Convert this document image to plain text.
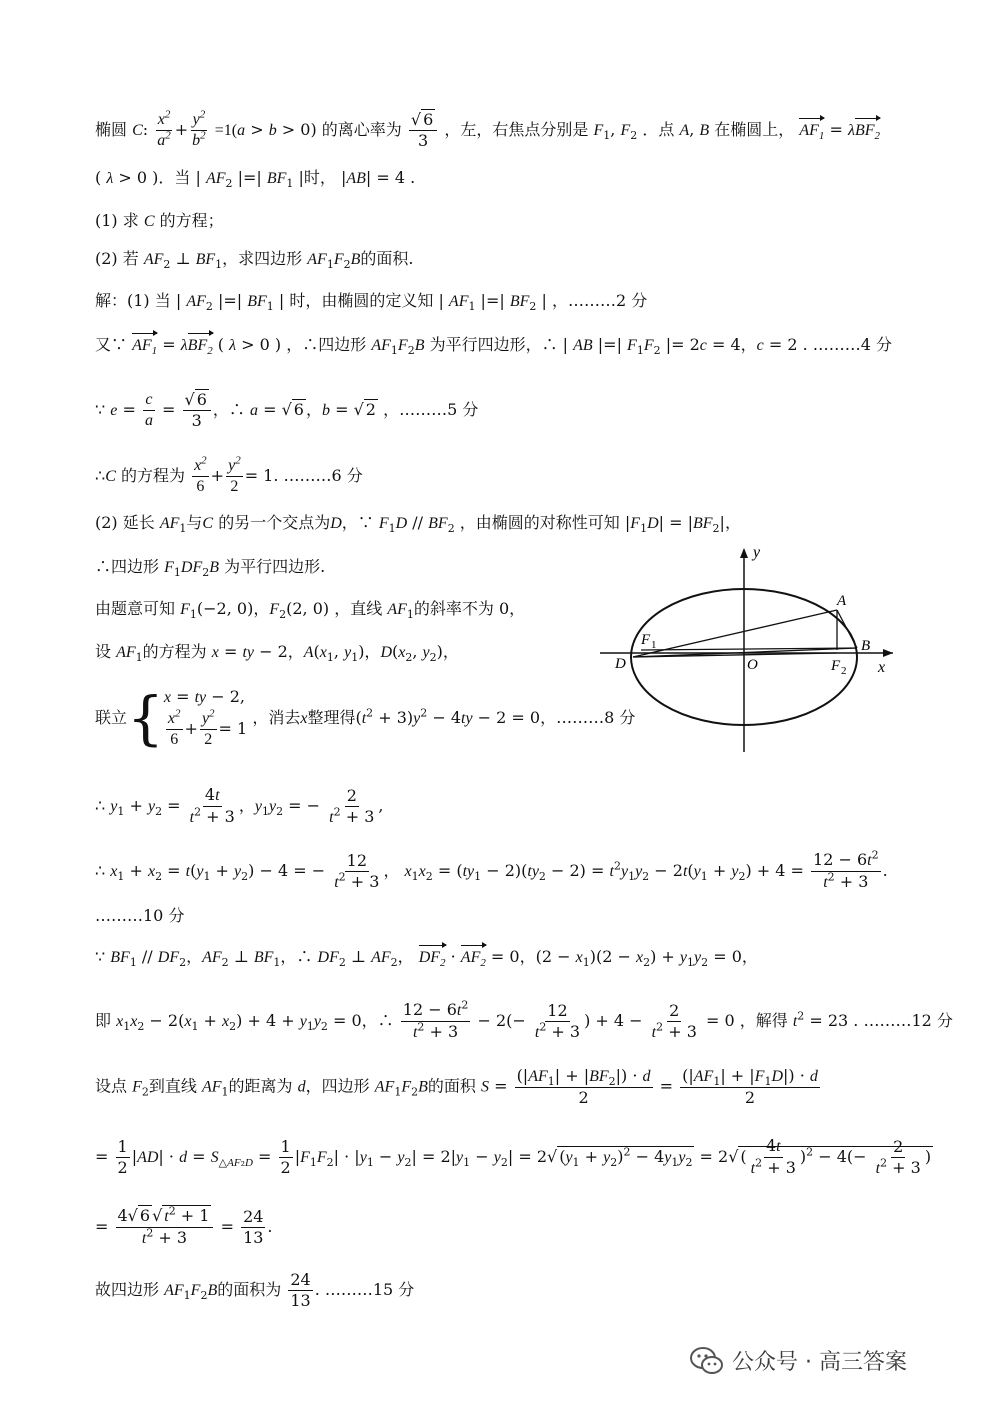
椭圆 C: $\frac{x^2}{a^2} + \frac{y^2}{b^2} =1(a > b > 0)$ 的离心率为 $\frac{√ 6}{3}$ ，左，右焦点分别是 $F_1$, $F_2$ ．点 A, B 在椭圆上， $AF_1 = \lambda BF_2$
( λ > 0 )．当 | $AF_2$ |=| $BF_1$ |时， |AB| = 4 .
(1) 求 C 的方程；
(2) 若 $AF_2$ ⊥ $BF_1$，求四边形 $AF_1F_2B$的面积.
解：(1) 当 | $AF_2$ |=| $BF_1$ | 时，由椭圆的定义知 | $AF_1$ |=| $BF_2$ | ，………2 分
又∵ $AF_1 = \lambda BF_2$ ( λ > 0 ) ，∴四边形 $AF_1F_2B$ 为平行四边形，∴ | AB |=| $F_1F_2$ |= 2c = 4，c = 2 . ………4 分
∵ $e = \frac{c}{a} = \frac{√ 6}{3}$ ，∴ a = √ 6 ，b = √ 2 ，………5 分
∴C 的方程为 $\frac{x^2}{6} + \frac{y^2}{2} = 1$. ………6 分
(2) 延长 $AF_1$与C 的另一个交点为D，∵ $F_1D // BF_2$ ，由椭圆的对称性可知 $|F_1D| = |BF_2|$，
∴四边形 $F_1DF_2B$ 为平行四边形.
由题意可知 $F_1(-2$, 0)，$F_2(2$, 0) ，直线 $AF_1$的斜率不为 0，
设 $AF_1$的方程为 x = ty − 2，$A(x_1$, $y_1$)，$D(x_2$, $y_2$)，
联立{ x = ty − 2,
$\frac{x^2}{6} + \frac{y^2}{2} = 1$
，消去x整理得$(t^2 + 3)y^2 - 4ty - 2 = 0$，………8 分
∴ $y_1 + y_2 = \frac{4t}{t^2 + 3}$ ，$y_1y_2$ = − $\frac{2}{t^2 + 3}$ ,
∴ $x_1 + x_2 = t(y_1 + y_2) - 4$ = − $\frac{12}{t^2 + 3}$ ， $x_1x_2 = (ty_1 - 2)(ty_2 - 2) = t^2y_1y_2 - 2t(y_1 + y_2) + 4 = \frac{12 - 6t^2}{t^2 + 3}$ .
………10 分
∵ $BF_1 // DF_2$，$AF_2$ ⊥ $BF_1$，∴ $DF_2$ ⊥ $AF_2$， $DF_2 \cdot AF_2 = 0$，$(2 - x_1)(2 - x_2) + y_1y_2 = 0$，
即 $x_1x_2 - 2(x_1 + x_2) + 4 + y_1y_2 = 0$，∴ $\frac{12 - 6t^2}{t^2 + 3} - 2(- \frac{12}{t^2 + 3}$ ) + $4 - \frac{2}{t^2 + 3} = 0$ ，解得 $t^2 = 23$ . ………12 分
设点 $F_2$到直线 $AF_1$的距离为 d，四边形 $AF_1F_2B$的面积 $S = \frac{(|AF_1| + |BF_2|) \cdot d}{2} = \frac{(|AF_1| + |F_1D|) \cdot d}{2}$
= $\frac{1}{2} |AD| \cdot d = S_{\triangle AF_2D} = \frac{1}{2} |F_1F_2| \cdot |y_1 - y_2| = 2|y_1 - y_2| = 2√$ $(y_1 + y_2)^2 - 4y_1y_2 = 2√$ ( $\frac{4t}{t^2 + 3} )^2 - 4(- \frac{2}{t^2 + 3}$ )
= $\frac{4√ 6 √ t^2 + 1}{t^2 + 3} = \frac{24}{13}$ .
故四边形 $AF_1F_2B$的面积为 $\frac{24}{13}$ . ………15 分
y
x
A
B
D	O
F 1
F 2
公众号 · 高三答案
